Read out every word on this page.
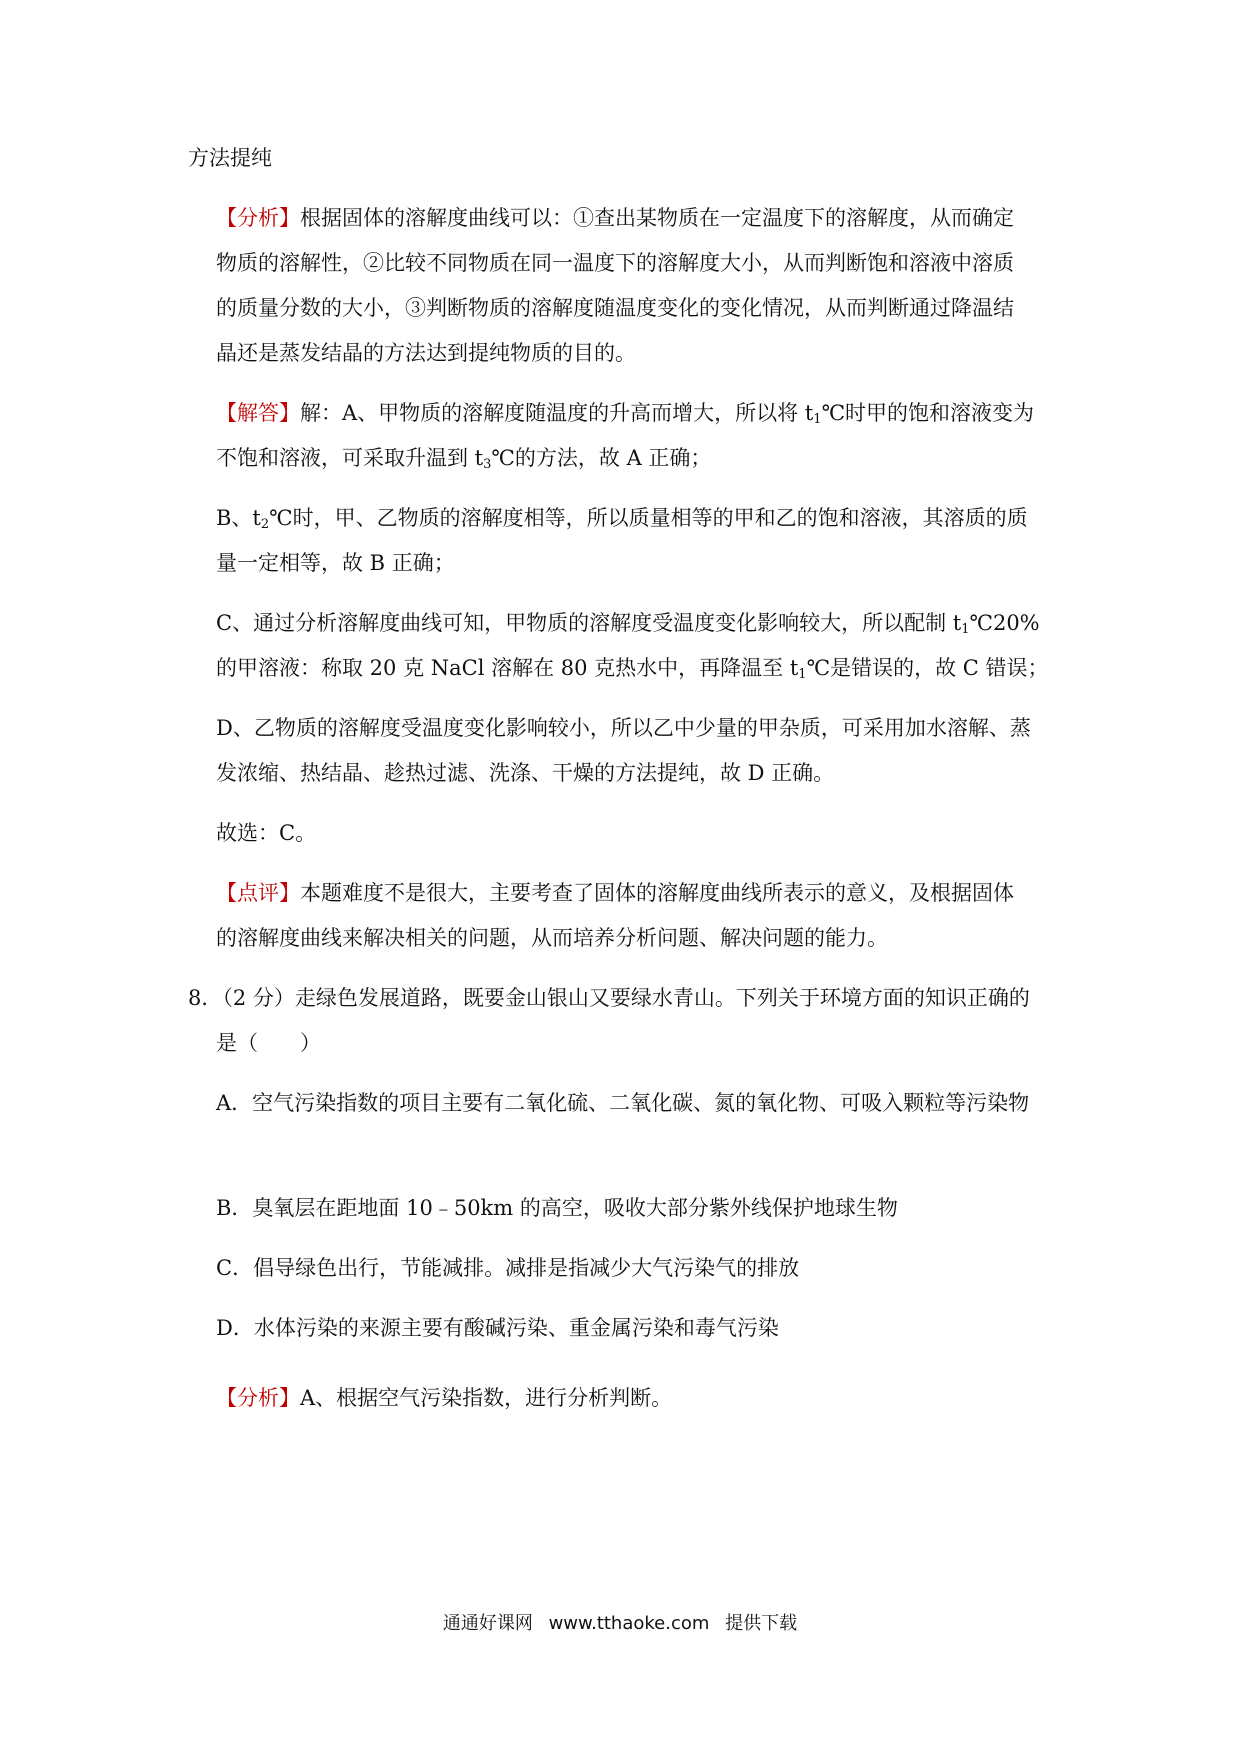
方法提纯
【分析】根据固体的溶解度曲线可以：①查出某物质在一定温度下的溶解度，从而确定
物质的溶解性，②比较不同物质在同一温度下的溶解度大小，从而判断饱和溶液中溶质
的质量分数的大小，③判断物质的溶解度随温度变化的变化情况，从而判断通过降温结
晶还是蒸发结晶的方法达到提纯物质的目的。
【解答】解：A、甲物质的溶解度随温度的升高而增大，所以将 $t_1℃$时甲的饱和溶液变为
不饱和溶液，可采取升温到 $t_3℃$的方法，故 A 正确；
B、$t_2℃$时，甲、乙物质的溶解度相等，所以质量相等的甲和乙的饱和溶液，其溶质的质
量一定相等，故 B 正确；
C、通过分析溶解度曲线可知，甲物质的溶解度受温度变化影响较大，所以配制 $t_1℃20\%$
的甲溶液：称取 20 克 NaCl 溶解在 80 克热水中，再降温至 $t_1℃$是错误的，故 C 错误；
D、乙物质的溶解度受温度变化影响较小，所以乙中少量的甲杂质，可采用加水溶解、蒸
发浓缩、热结晶、趁热过滤、洗涤、干燥的方法提纯，故 D 正确。
故选：C。
【点评】本题难度不是很大，主要考查了固体的溶解度曲线所表示的意义，及根据固体
的溶解度曲线来解决相关的问题，从而培养分析问题、解决问题的能力。
8．（2 分）走绿色发展道路，既要金山银山又要绿水青山。下列关于环境方面的知识正确的
是（　　）
A．空气污染指数的项目主要有二氧化硫、二氧化碳、氮的氧化物、可吸入颗粒等污染物
B．臭氧层在距地面 10﹣50km 的高空，吸收大部分紫外线保护地球生物
C．倡导绿色出行，节能减排。减排是指减少大气污染气的排放
D．水体污染的来源主要有酸碱污染、重金属污染和毒气污染
【分析】A、根据空气污染指数，进行分析判断。
通通好课网 www.tthaoke.com 提供下载
